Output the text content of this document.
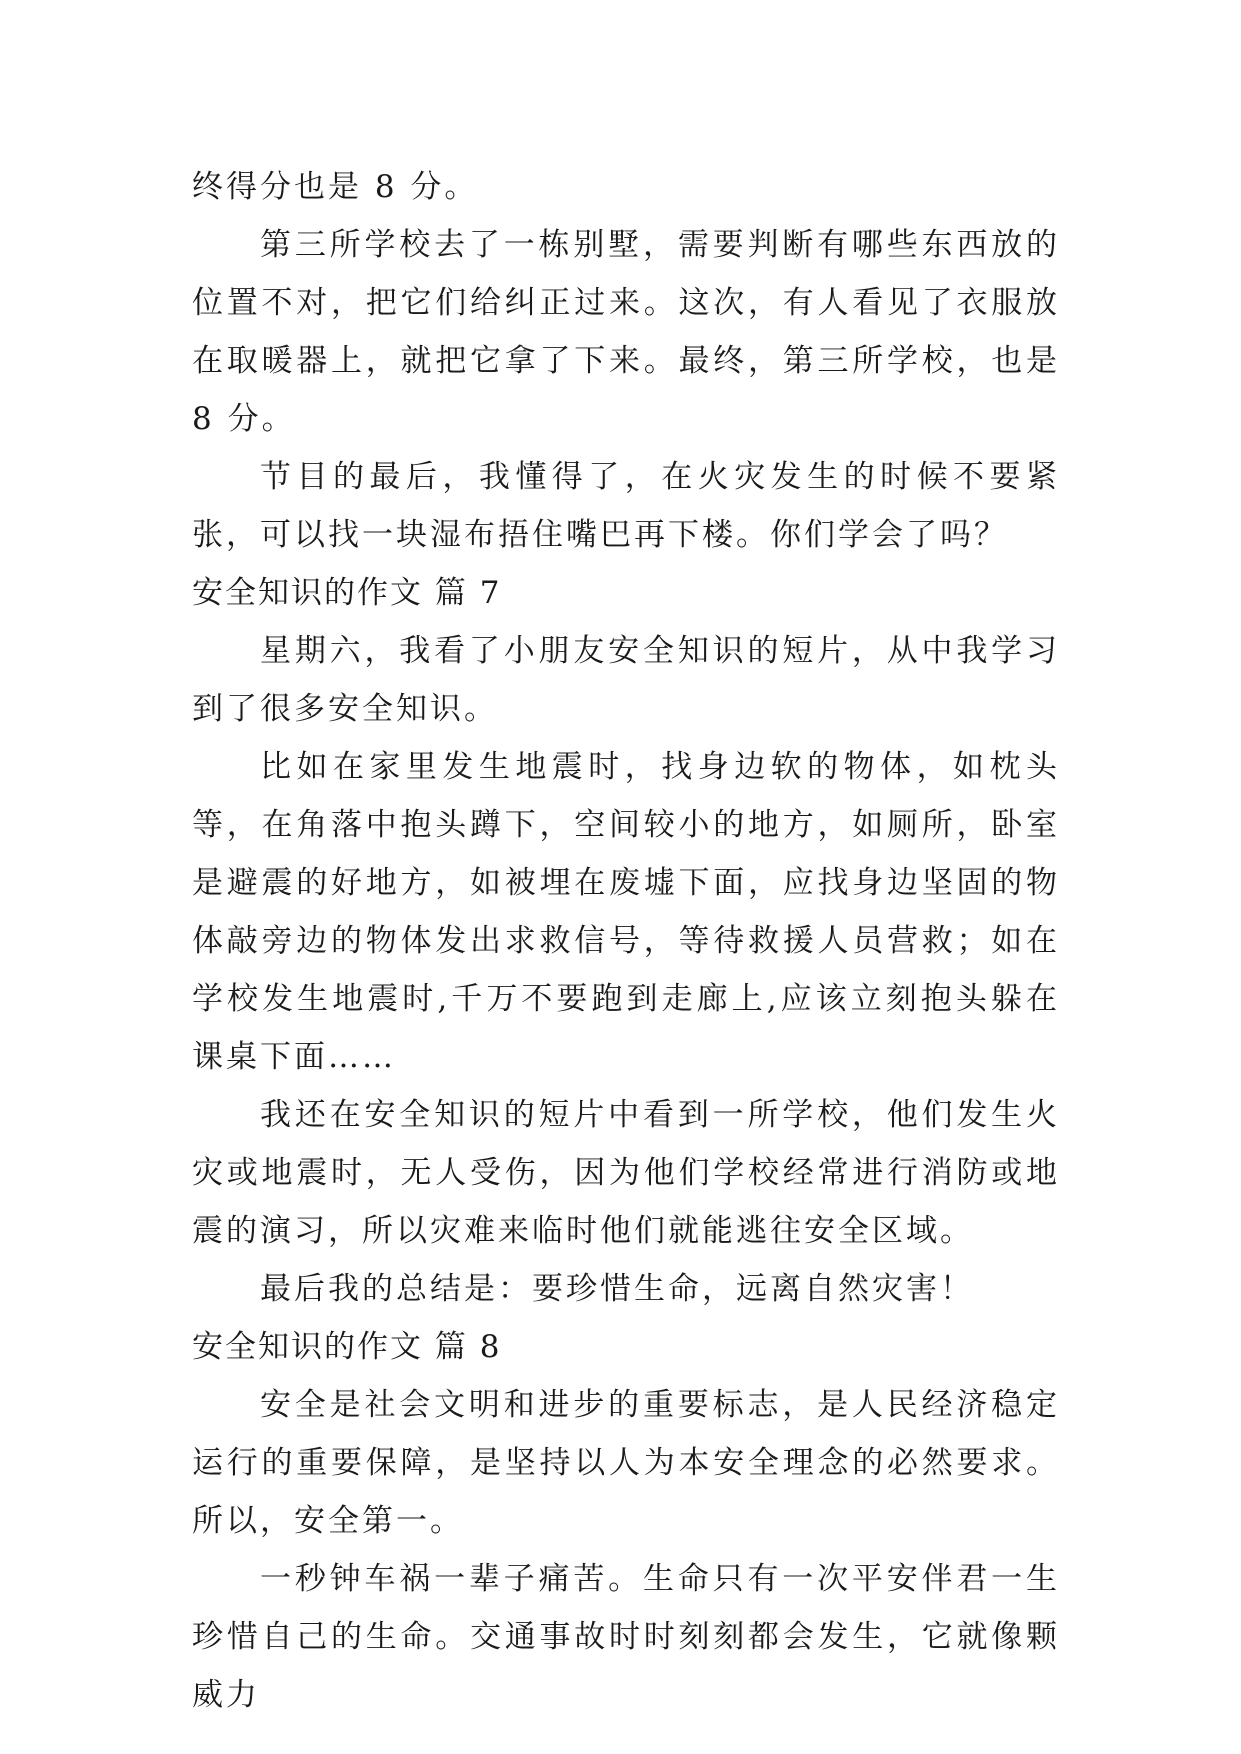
终得分也是 8 分。

第三所学校去了一栋别墅，需要判断有哪些东西放的位置不对，把它们给纠正过来。这次，有人看见了衣服放在取暖器上，就把它拿了下来。最终，第三所学校，也是 8 分。

节目的最后，我懂得了，在火灾发生的时候不要紧张，可以找一块湿布捂住嘴巴再下楼。你们学会了吗？

安全知识的作文 篇 7

星期六，我看了小朋友安全知识的短片，从中我学习到了很多安全知识。

比如在家里发生地震时，找身边软的物体，如枕头等，在角落中抱头蹲下，空间较小的地方，如厕所，卧室是避震的好地方，如被埋在废墟下面，应找身边坚固的物体敲旁边的物体发出求救信号，等待救援人员营救；如在学校发生地震时,千万不要跑到走廊上,应该立刻抱头躲在课桌下面……

我还在安全知识的短片中看到一所学校，他们发生火灾或地震时，无人受伤，因为他们学校经常进行消防或地震的演习，所以灾难来临时他们就能逃往安全区域。

最后我的总结是：要珍惜生命，远离自然灾害！

安全知识的作文 篇 8

安全是社会文明和进步的重要标志，是人民经济稳定运行的重要保障，是坚持以人为本安全理念的必然要求。所以，安全第一。

一秒钟车祸一辈子痛苦。生命只有一次平安伴君一生珍惜自己的生命。交通事故时时刻刻都会发生，它就像颗威力
